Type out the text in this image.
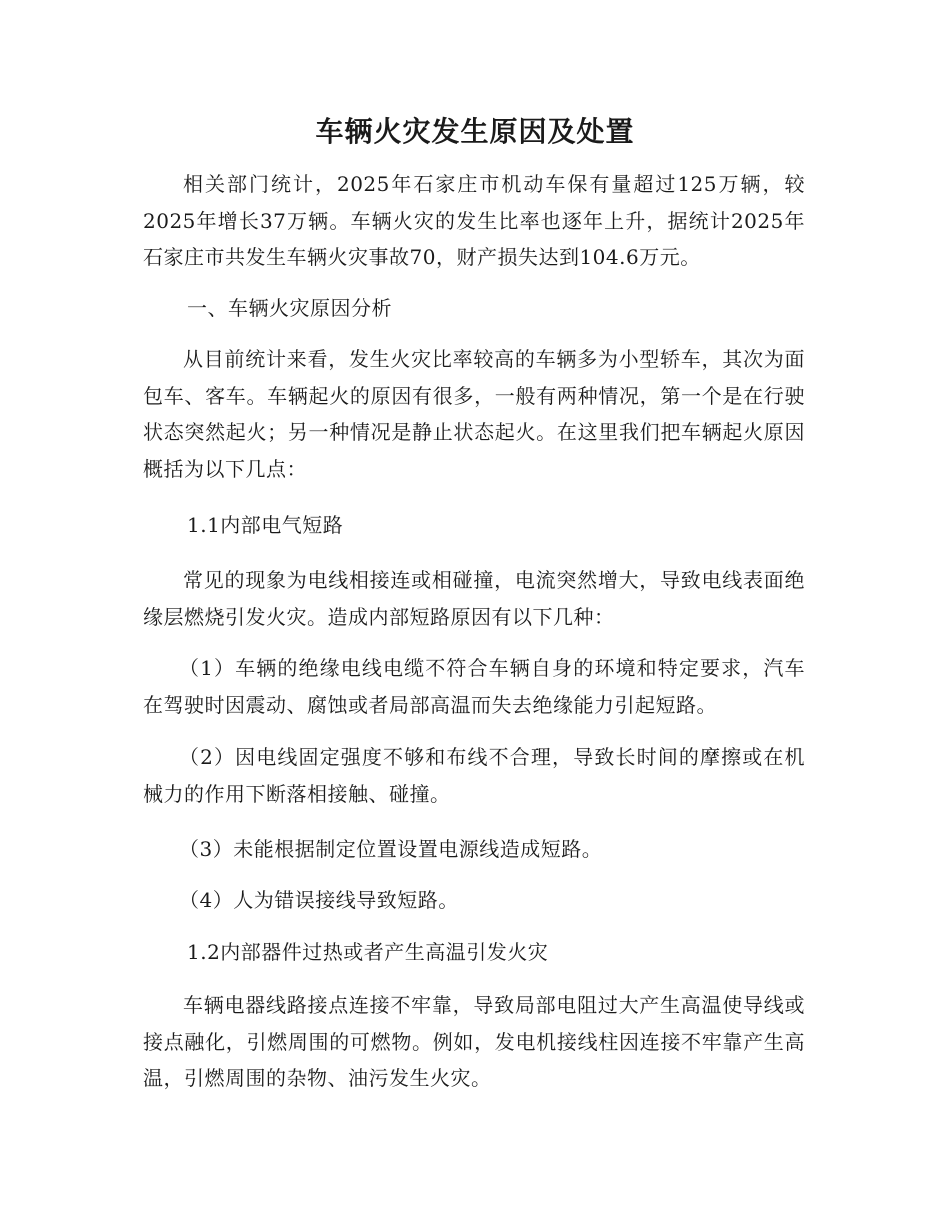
车辆火灾发生原因及处置

相关部门统计，2025年石家庄市机动车保有量超过125万辆，较2025年增长37万辆。车辆火灾的发生比率也逐年上升，据统计2025年石家庄市共发生车辆火灾事故70，财产损失达到104.6万元。

一、车辆火灾原因分析

从目前统计来看，发生火灾比率较高的车辆多为小型轿车，其次为面包车、客车。车辆起火的原因有很多，一般有两种情况，第一个是在行驶状态突然起火；另一种情况是静止状态起火。在这里我们把车辆起火原因概括为以下几点：

1.1内部电气短路

常见的现象为电线相接连或相碰撞，电流突然增大，导致电线表面绝缘层燃烧引发火灾。造成内部短路原因有以下几种：

（1）车辆的绝缘电线电缆不符合车辆自身的环境和特定要求，汽车在驾驶时因震动、腐蚀或者局部高温而失去绝缘能力引起短路。

（2）因电线固定强度不够和布线不合理，导致长时间的摩擦或在机械力的作用下断落相接触、碰撞。

（3）未能根据制定位置设置电源线造成短路。

（4）人为错误接线导致短路。

1.2内部器件过热或者产生高温引发火灾

车辆电器线路接点连接不牢靠，导致局部电阻过大产生高温使导线或接点融化，引燃周围的可燃物。例如，发电机接线柱因连接不牢靠产生高温，引燃周围的杂物、油污发生火灾。
